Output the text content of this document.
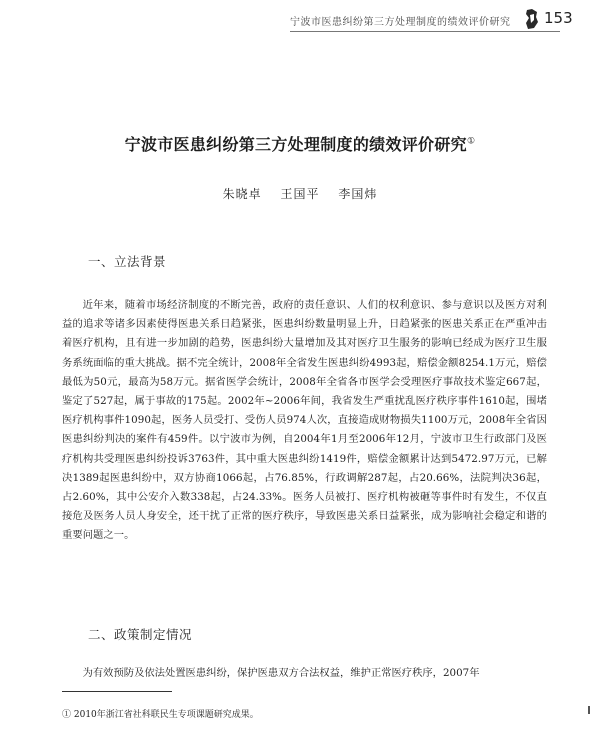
宁波市医患纠纷第三方处理制度的绩效评价研究	153
宁波市医患纠纷第三方处理制度的绩效评价研究①
朱晓卓 王国平 李国炜
一、立法背景
近年来，随着市场经济制度的不断完善，政府的责任意识、人们的权利意识、参与意识以及医方对利益的追求等诸多因素使得医患关系日趋紧张，医患纠纷数量明显上升，日趋紧张的医患关系正在严重冲击着医疗机构，且有进一步加剧的趋势，医患纠纷大量增加及其对医疗卫生服务的影响已经成为医疗卫生服务系统面临的重大挑战。据不完全统计，2008年全省发生医患纠纷4993起，赔偿金额8254.1万元，赔偿最低为50元，最高为58万元。据省医学会统计，2008年全省各市医学会受理医疗事故技术鉴定667起，鉴定了527起，属于事故的175起。2002年~2006年间，我省发生严重扰乱医疗秩序事件1610起，围堵医疗机构事件1090起，医务人员受打、受伤人员974人次，直接造成财物损失1100万元，2008年全省因医患纠纷判决的案件有459件。以宁波市为例，自2004年1月至2006年12月，宁波市卫生行政部门及医疗机构共受理医患纠纷投诉3763件，其中重大医患纠纷1419件，赔偿金额累计达到5472.97万元，已解决1389起医患纠纷中，双方协商1066起，占76.85%，行政调解287起，占20.66%，法院判决36起，占2.60%，其中公安介入数338起，占24.33%。医务人员被打、医疗机构被砸等事件时有发生，不仅直接危及医务人员人身安全，还干扰了正常的医疗秩序，导致医患关系日益紧张，成为影响社会稳定和谐的重要问题之一。
二、政策制定情况
为有效预防及依法处置医患纠纷，保护医患双方合法权益，维护正常医疗秩序，2007年
① 2010年浙江省社科联民生专项课题研究成果。
